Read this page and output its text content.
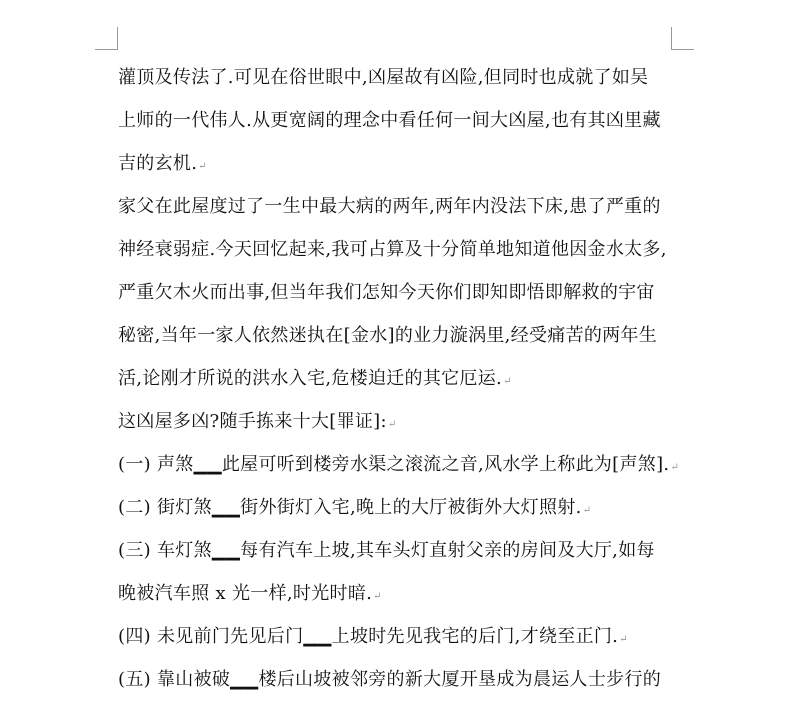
灌顶及传法了.可见在俗世眼中,凶屋故有凶险,但同时也成就了如吴
上师的一代伟人.从更宽阔的理念中看任何一间大凶屋,也有其凶里藏
吉的玄机.↵
家父在此屋度过了一生中最大病的两年,两年内没法下床,患了严重的
神经衰弱症.今天回忆起来,我可占算及十分简单地知道他因金水太多,
严重欠木火而出事,但当年我们怎知今天你们即知即悟即解救的宇宙
秘密,当年一家人依然迷执在[金水]的业力漩涡里,经受痛苦的两年生
活,论刚才所说的洪水入宅,危楼迫迁的其它厄运.↵
这凶屋多凶?随手拣来十大[罪证]:↵
(一) 声煞▁▁此屋可听到楼旁水渠之滚流之音,风水学上称此为[声煞].↵
(二) 街灯煞▁▁街外街灯入宅,晚上的大厅被街外大灯照射.↵
(三) 车灯煞▁▁每有汽车上坡,其车头灯直射父亲的房间及大厅,如每
晚被汽车照 x 光一样,时光时暗.↵
(四) 未见前门先见后门▁▁上坡时先见我宅的后门,才绕至正门.↵
(五) 靠山被破▁▁楼后山坡被邻旁的新大厦开垦成为晨运人士步行的
